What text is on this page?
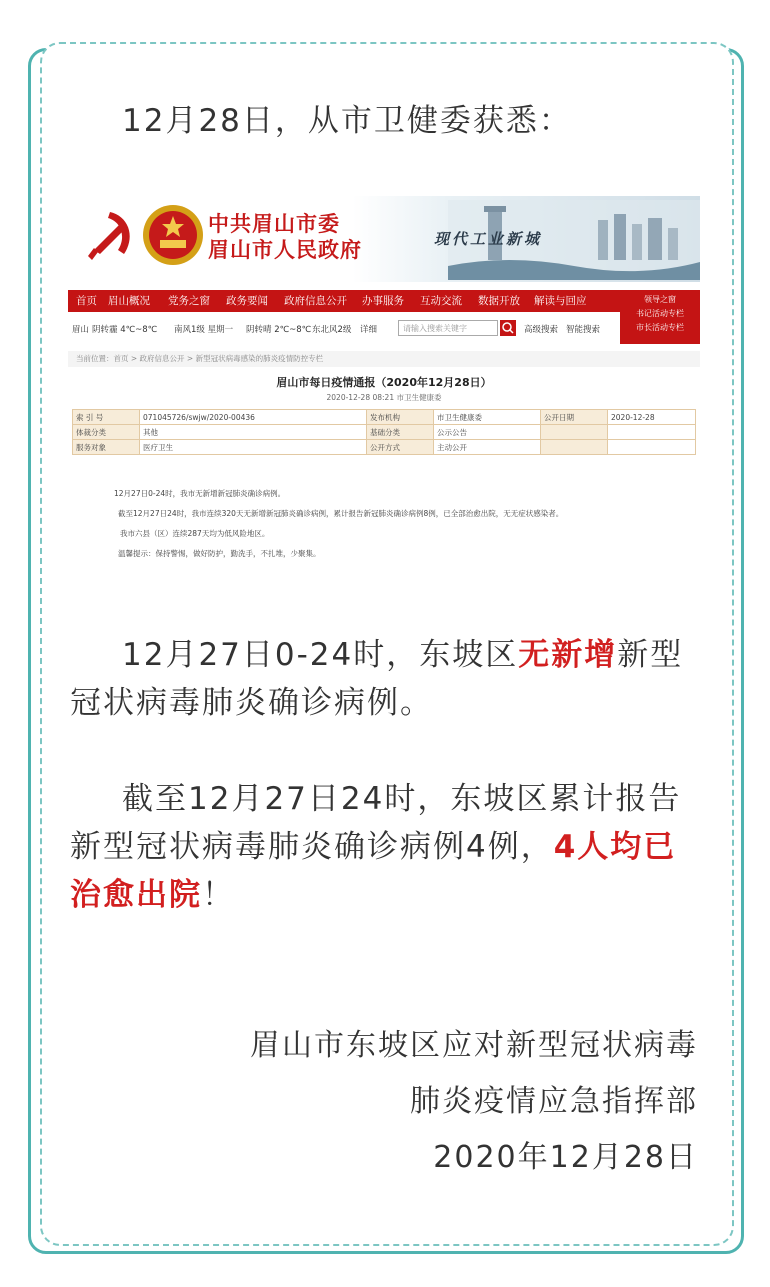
12月28日，从市卫健委获悉：
中共眉山市委
眉山市人民政府	现代工业新城
首页 眉山概况 党务之窗 政务要闻 政府信息公开 办事服务 互动交流 数据开放 解读与回应	领导之窗
书记活动专栏
市长活动专栏
眉山 阴转霾 4℃~8℃ 南风1级 星期一 阴转晴 2℃~8℃ 东北风2级 详细	请输入搜索关键字	高级搜索 智能搜索
当前位置：首页 > 政府信息公开 > 新型冠状病毒感染的肺炎疫情防控专栏
眉山市每日疫情通报（2020年12月28日）
2020-12-28 08:21 市卫生健康委
索 引 号	071045726/swjw/2020-00436	发布机构	市卫生健康委	公开日期	2020-12-28
体裁分类	其他	基础分类	公示公告		
服务对象	医疗卫生	公开方式	主动公开		
12月27日0-24时，我市无新增新冠肺炎确诊病例。
截至12月27日24时，我市连续320天无新增新冠肺炎确诊病例，累计报告新冠肺炎确诊病例8例，已全部治愈出院，无无症状感染者。
我市六县（区）连续287天均为低风险地区。
温馨提示：保持警惕，做好防护，勤洗手，不扎堆，少聚集。
12月27日0-24时，东坡区无新增新型
冠状病毒肺炎确诊病例。
截至12月27日24时，东坡区累计报告
新型冠状病毒肺炎确诊病例4例，4人均已
治愈出院！
眉山市东坡区应对新型冠状病毒
肺炎疫情应急指挥部
2020年12月28日
